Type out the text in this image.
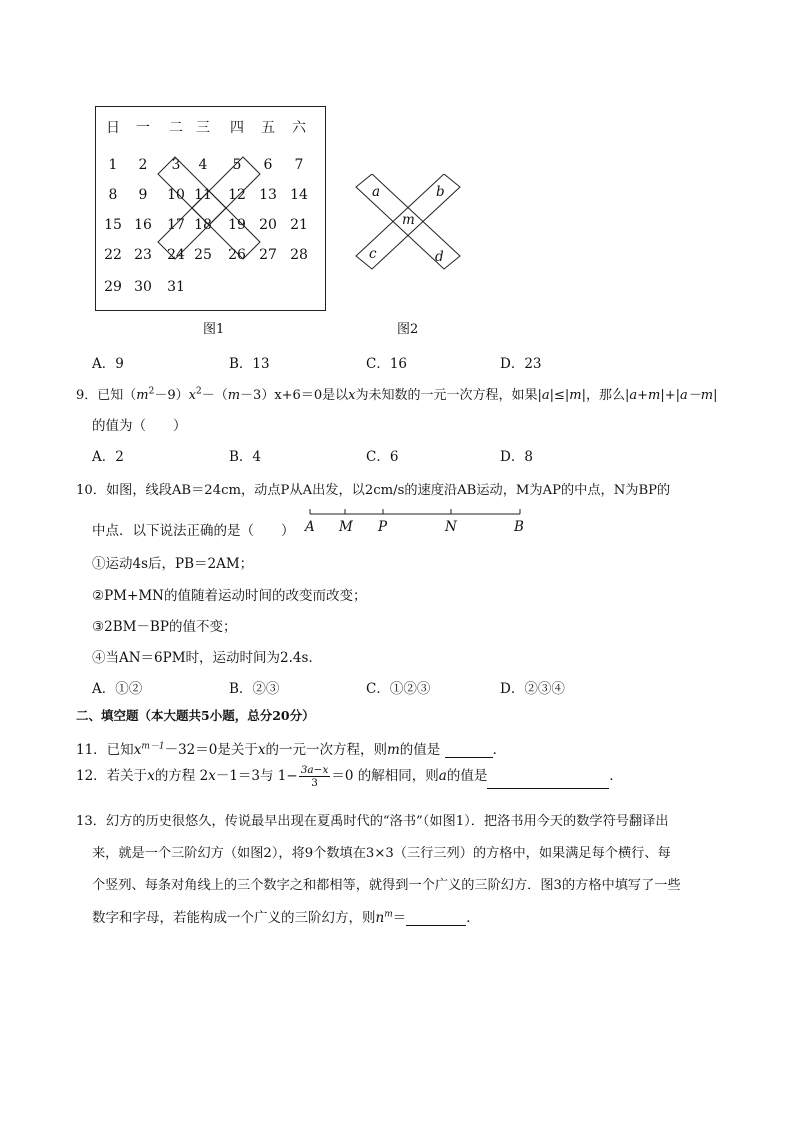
日 一 二 三 四 五 六
1	2	3	4	5	6	7
8	9	10 11 12 13 14
15 16 17 18 19 20 21
22 23 24 25 26 27 28
29 30 31
图1
a	b
m
c	d
图2
A．9	B．13	C．16	D．23
9．已知$(m^2-9)x^2-(m-3)x+6=0$是以x为未知数的一元一次方程，如果|a|≤|m|，那么|a+m|+|a－m|
的值为（　　）
A．2	B．4	C．6	D．8
10．如图，线段AB＝24cm，动点P从A出发，以2cm/s的速度沿AB运动，M为AP的中点，N为BP的
中点．以下说法正确的是（　　） A M P	N	B
①运动4s后，PB＝2AM；
②PM+MN的值随着运动时间的改变而改变；
③2BM－BP的值不变；
④当AN＝6PM时，运动时间为2.4s．
A．①②	B．②③	C．①②③	D．②③④
二、填空题（本大题共5小题，总分20分）
11．已知$x^{m-1}-32=0$是关于x的一元一次方程，则m的值是	．
12．若关于x的方程 2x－1＝3与 $1- \frac{3a-x}{3} =0$ 的解相同，则a的值是	．
13．幻方的历史很悠久，传说最早出现在夏禹时代的“洛书”（如图1）．把洛书用今天的数学符号翻译出
来，就是一个三阶幻方（如图2），将9个数填在3×3（三行三列）的方格中，如果满足每个横行、每
个竖列、每条对角线上的三个数字之和都相等，就得到一个广义的三阶幻方．图3的方格中填写了一些
数字和字母，若能构成一个广义的三阶幻方，则$n^m=$	．
